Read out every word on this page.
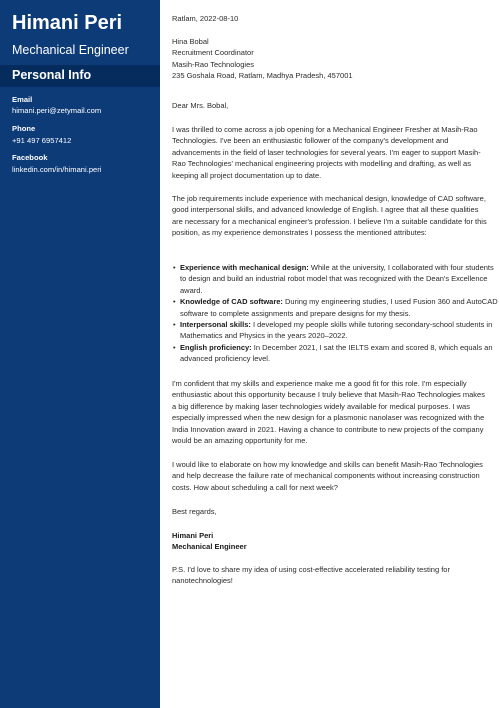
Himani Peri
Mechanical Engineer
Personal Info
Email
himani.peri@zetymail.com
Phone
+91 497 6957412
Facebook
linkedin.com/in/himani.peri

Ratlam, 2022-08-10

Hina Bobal
Recruitment Coordinator
Masih-Rao Technologies
235 Goshala Road, Ratlam, Madhya Pradesh, 457001

Dear Mrs. Bobal,

I was thrilled to come across a job opening for a Mechanical Engineer Fresher at Masih-Rao Technologies. I've been an enthusiastic follower of the company's development and advancements in the field of laser technologies for several years. I'm eager to support Masih-Rao Technologies' mechanical engineering projects with modelling and drafting, as well as keeping all project documentation up to date.

The job requirements include experience with mechanical design, knowledge of CAD software, good interpersonal skills, and advanced knowledge of English. I agree that all these qualities are necessary for a mechanical engineer's profession. I believe I'm a suitable candidate for this position, as my experience demonstrates I possess the mentioned attributes:

• Experience with mechanical design: While at the university, I collaborated with four students to design and build an industrial robot model that was recognized with the Dean's Excellence award.
• Knowledge of CAD software: During my engineering studies, I used Fusion 360 and AutoCAD software to complete assignments and prepare designs for my thesis.
• Interpersonal skills: I developed my people skills while tutoring secondary-school students in Mathematics and Physics in the years 2020–2022.
• English proficiency: In December 2021, I sat the IELTS exam and scored 8, which equals an advanced proficiency level.

I'm confident that my skills and experience make me a good fit for this role. I'm especially enthusiastic about this opportunity because I truly believe that Masih-Rao Technologies makes a big difference by making laser technologies widely available for medical purposes. I was especially impressed when the new design for a plasmonic nanolaser was recognized with the India Innovation award in 2021. Having a chance to contribute to new projects of the company would be an amazing opportunity for me.

I would like to elaborate on how my knowledge and skills can benefit Masih-Rao Technologies and help decrease the failure rate of mechanical components without increasing construction costs. How about scheduling a call for next week?

Best regards,

Himani Peri
Mechanical Engineer

P.S. I'd love to share my idea of using cost-effective accelerated reliability testing for nanotechnologies!
